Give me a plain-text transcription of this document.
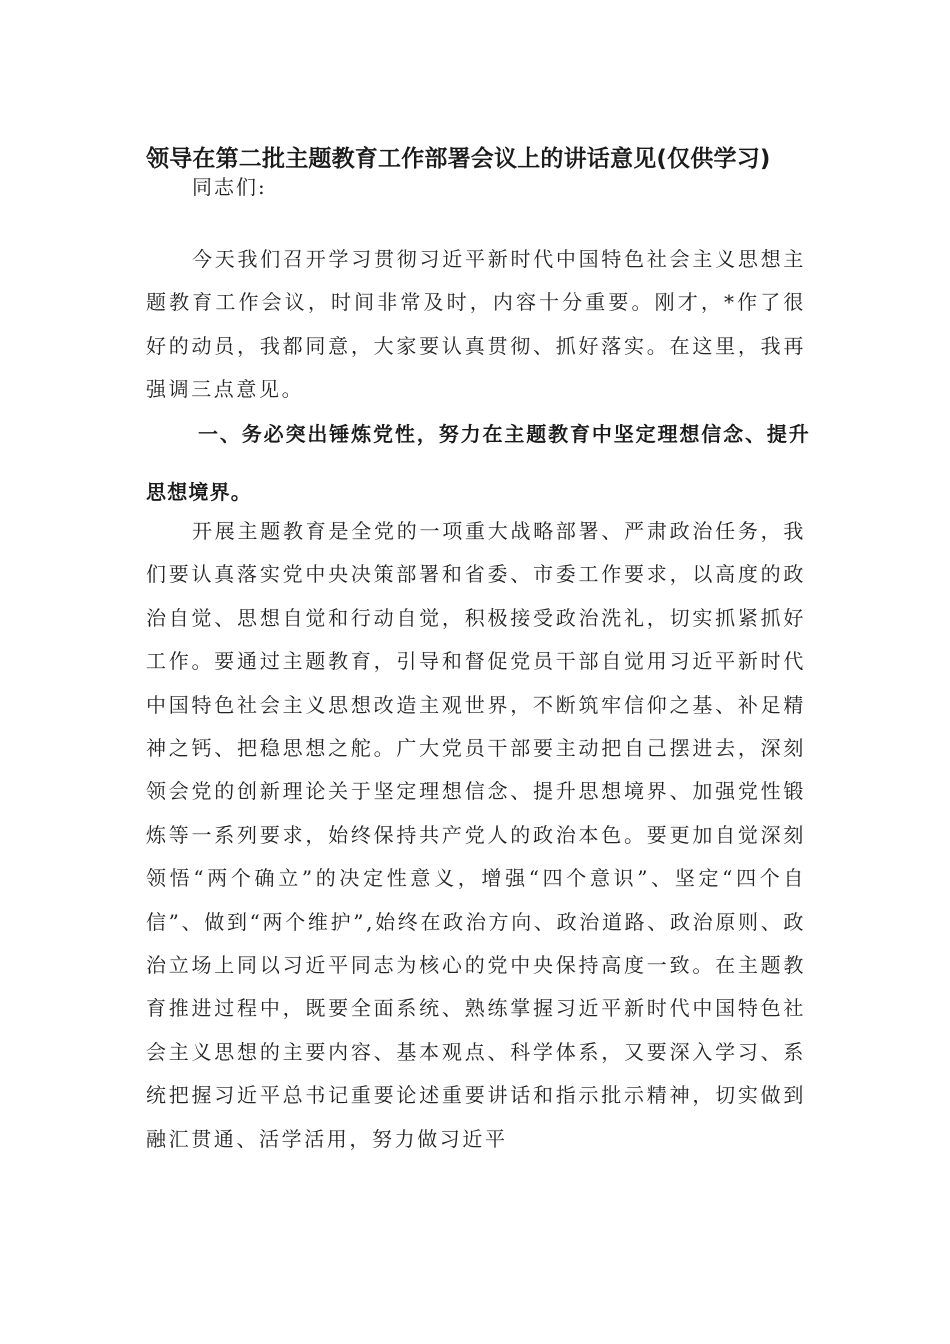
领导在第二批主题教育工作部署会议上的讲话意见(仅供学习)

同志们:

今天我们召开学习贯彻习近平新时代中国特色社会主义思想主题教育工作会议，时间非常及时，内容十分重要。刚才，*作了很好的动员，我都同意，大家要认真贯彻、抓好落实。在这里，我再强调三点意见。

一、务必突出锤炼党性，努力在主题教育中坚定理想信念、提升思想境界。

开展主题教育是全党的一项重大战略部署、严肃政治任务，我们要认真落实党中央决策部署和省委、市委工作要求，以高度的政治自觉、思想自觉和行动自觉，积极接受政治洗礼，切实抓紧抓好工作。要通过主题教育，引导和督促党员干部自觉用习近平新时代中国特色社会主义思想改造主观世界，不断筑牢信仰之基、补足精神之钙、把稳思想之舵。广大党员干部要主动把自己摆进去，深刻领会党的创新理论关于坚定理想信念、提升思想境界、加强党性锻炼等一系列要求，始终保持共产党人的政治本色。要更加自觉深刻领悟“两个确立”的决定性意义，增强“四个意识”、坚定“四个自信”、做到“两个维护”,始终在政治方向、政治道路、政治原则、政治立场上同以习近平同志为核心的党中央保持高度一致。在主题教育推进过程中，既要全面系统、熟练掌握习近平新时代中国特色社会主义思想的主要内容、基本观点、科学体系，又要深入学习、系统把握习近平总书记重要论述重要讲话和指示批示精神，切实做到融汇贯通、活学活用，努力做习近平
